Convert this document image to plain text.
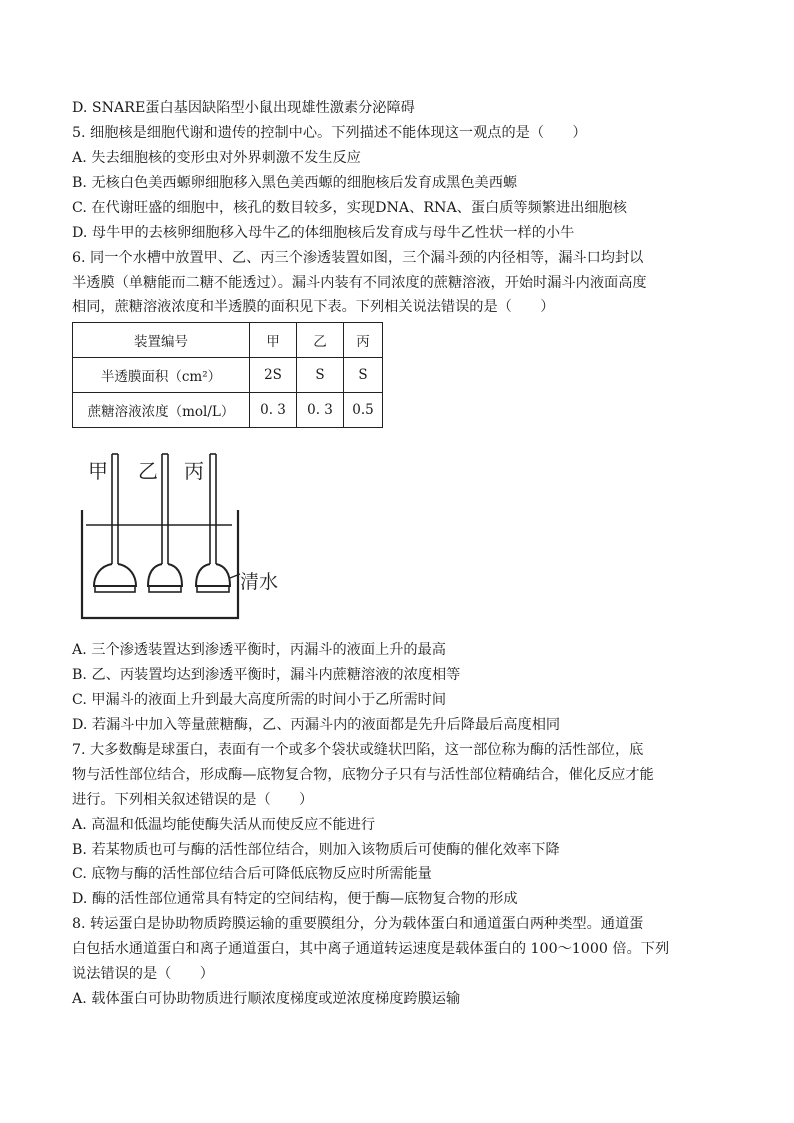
D. SNARE蛋白基因缺陷型小鼠出现雄性激素分泌障碍
5. 细胞核是细胞代谢和遗传的控制中心。下列描述不能体现这一观点的是（　　）
A. 失去细胞核的变形虫对外界刺激不发生反应
B. 无核白色美西螈卵细胞移入黑色美西螈的细胞核后发育成黑色美西螈
C. 在代谢旺盛的细胞中，核孔的数目较多，实现DNA、RNA、蛋白质等频繁进出细胞核
D. 母牛甲的去核卵细胞移入母牛乙的体细胞核后发育成与母牛乙性状一样的小牛
6. 同一个水槽中放置甲、乙、丙三个渗透装置如图，三个漏斗颈的内径相等，漏斗口均封以
半透膜（单糖能而二糖不能透过）。漏斗内装有不同浓度的蔗糖溶液，开始时漏斗内液面高度
相同，蔗糖溶液浓度和半透膜的面积见下表。下列相关说法错误的是（　　）
装置编号	甲	乙	丙
半透膜面积（cm²）	2S	S	S
蔗糖溶液浓度（mol/L）	0. 3	0. 3	0.5
甲 乙 丙
清水
A. 三个渗透装置达到渗透平衡时，丙漏斗的液面上升的最高
B. 乙、丙装置均达到渗透平衡时，漏斗内蔗糖溶液的浓度相等
C. 甲漏斗的液面上升到最大高度所需的时间小于乙所需时间
D. 若漏斗中加入等量蔗糖酶，乙、丙漏斗内的液面都是先升后降最后高度相同
7. 大多数酶是球蛋白，表面有一个或多个袋状或缝状凹陷，这一部位称为酶的活性部位，底
物与活性部位结合，形成酶—底物复合物，底物分子只有与活性部位精确结合，催化反应才能
进行。下列相关叙述错误的是（　　）
A. 高温和低温均能使酶失活从而使反应不能进行
B. 若某物质也可与酶的活性部位结合，则加入该物质后可使酶的催化效率下降
C. 底物与酶的活性部位结合后可降低底物反应时所需能量
D. 酶的活性部位通常具有特定的空间结构，便于酶—底物复合物的形成
8. 转运蛋白是协助物质跨膜运输的重要膜组分，分为载体蛋白和通道蛋白两种类型。通道蛋
白包括水通道蛋白和离子通道蛋白，其中离子通道转运速度是载体蛋白的 100～1000 倍。下列
说法错误的是（　　）
A. 载体蛋白可协助物质进行顺浓度梯度或逆浓度梯度跨膜运输
